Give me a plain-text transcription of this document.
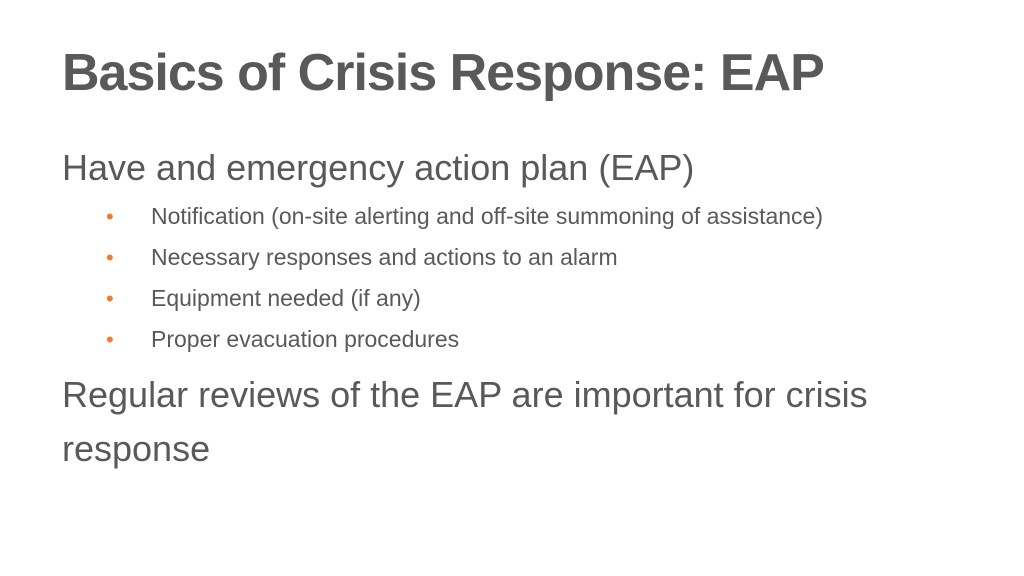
Basics of Crisis Response: EAP
Have and emergency action plan (EAP)
• Notification (on-site alerting and off-site summoning of assistance)
• Necessary responses and actions to an alarm
• Equipment needed (if any)
• Proper evacuation procedures
Regular reviews of the EAP are important for crisis response
